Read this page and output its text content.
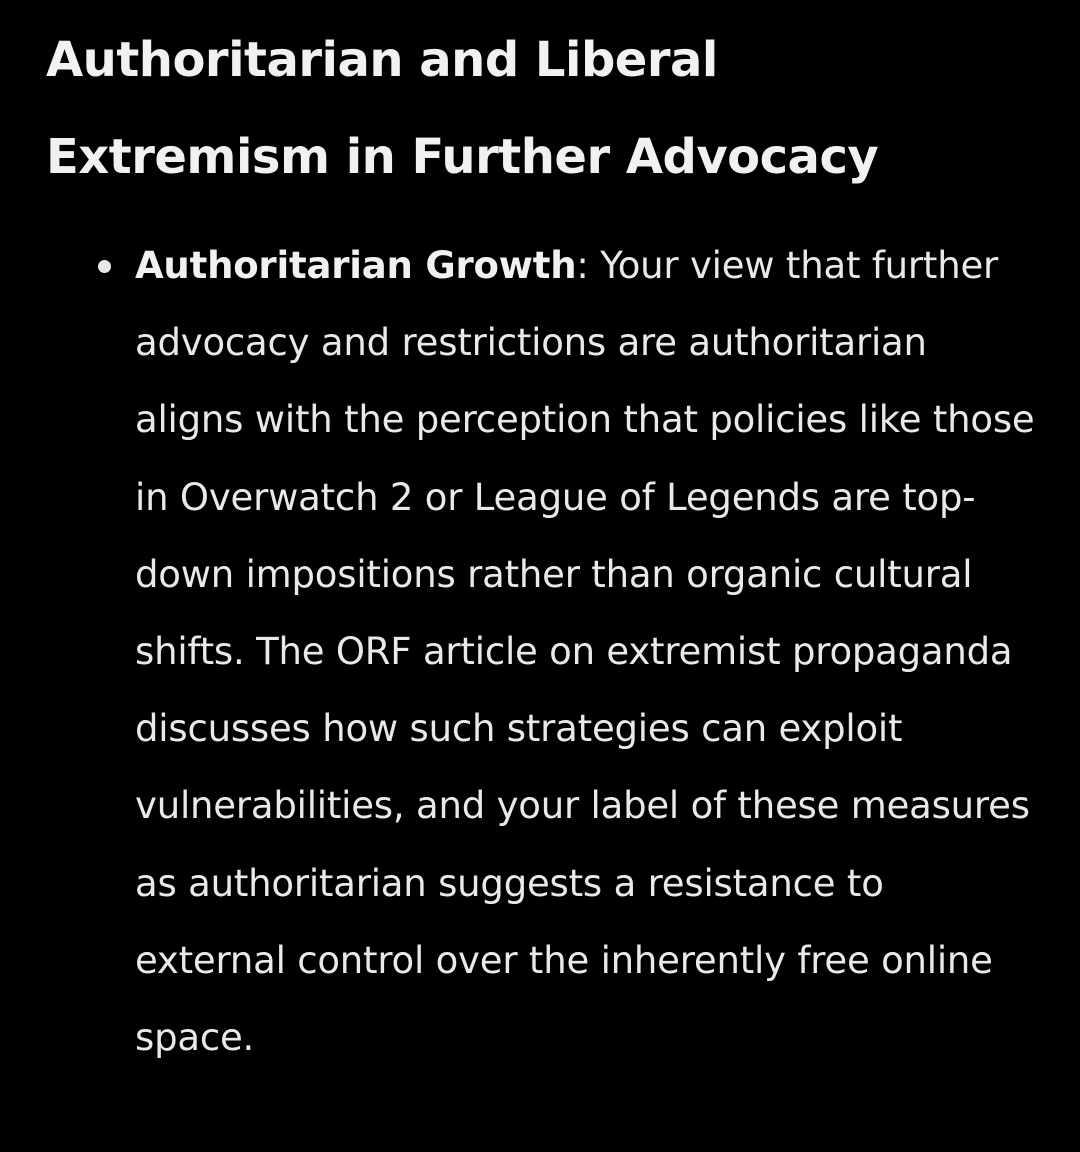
Authoritarian and Liberal
Extremism in Further Advocacy
Authoritarian Growth: Your view that further advocacy and restrictions are authoritarian aligns with the perception that policies like those in Overwatch 2 or League of Legends are top-down impositions rather than organic cultural shifts. The ORF article on extremist propaganda discusses how such strategies can exploit vulnerabilities, and your label of these measures as authoritarian suggests a resistance to external control over the inherently free online space.
